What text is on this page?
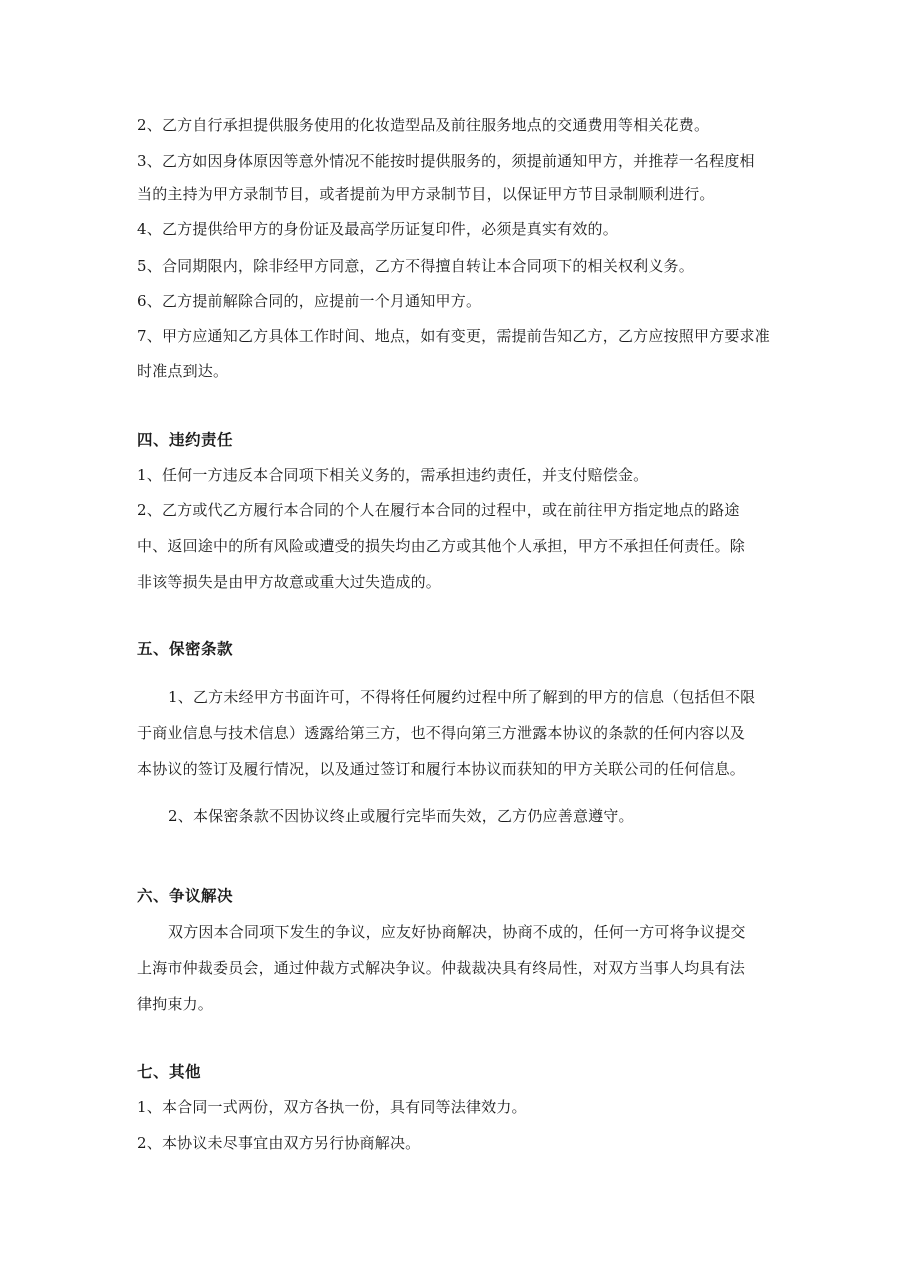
2、乙方自行承担提供服务使用的化妆造型品及前往服务地点的交通费用等相关花费。
3、乙方如因身体原因等意外情况不能按时提供服务的，须提前通知甲方，并推荐一名程度相
当的主持为甲方录制节目，或者提前为甲方录制节目，以保证甲方节目录制顺利进行。
4、乙方提供给甲方的身份证及最高学历证复印件，必须是真实有效的。
5、合同期限内，除非经甲方同意，乙方不得擅自转让本合同项下的相关权利义务。
6、乙方提前解除合同的，应提前一个月通知甲方。
7、甲方应通知乙方具体工作时间、地点，如有变更，需提前告知乙方，乙方应按照甲方要求准
时准点到达。
四、违约责任
1、任何一方违反本合同项下相关义务的，需承担违约责任，并支付赔偿金。
2、乙方或代乙方履行本合同的个人在履行本合同的过程中，或在前往甲方指定地点的路途
中、返回途中的所有风险或遭受的损失均由乙方或其他个人承担，甲方不承担任何责任。除
非该等损失是由甲方故意或重大过失造成的。
五、保密条款
1、乙方未经甲方书面许可，不得将任何履约过程中所了解到的甲方的信息（包括但不限
于商业信息与技术信息）透露给第三方，也不得向第三方泄露本协议的条款的任何内容以及
本协议的签订及履行情况，以及通过签订和履行本协议而获知的甲方关联公司的任何信息。
2、本保密条款不因协议终止或履行完毕而失效，乙方仍应善意遵守。
六、争议解决
双方因本合同项下发生的争议，应友好协商解决，协商不成的，任何一方可将争议提交
上海市仲裁委员会，通过仲裁方式解决争议。仲裁裁决具有终局性，对双方当事人均具有法
律拘束力。
七、其他
1、本合同一式两份，双方各执一份，具有同等法律效力。
2、本协议未尽事宜由双方另行协商解决。
